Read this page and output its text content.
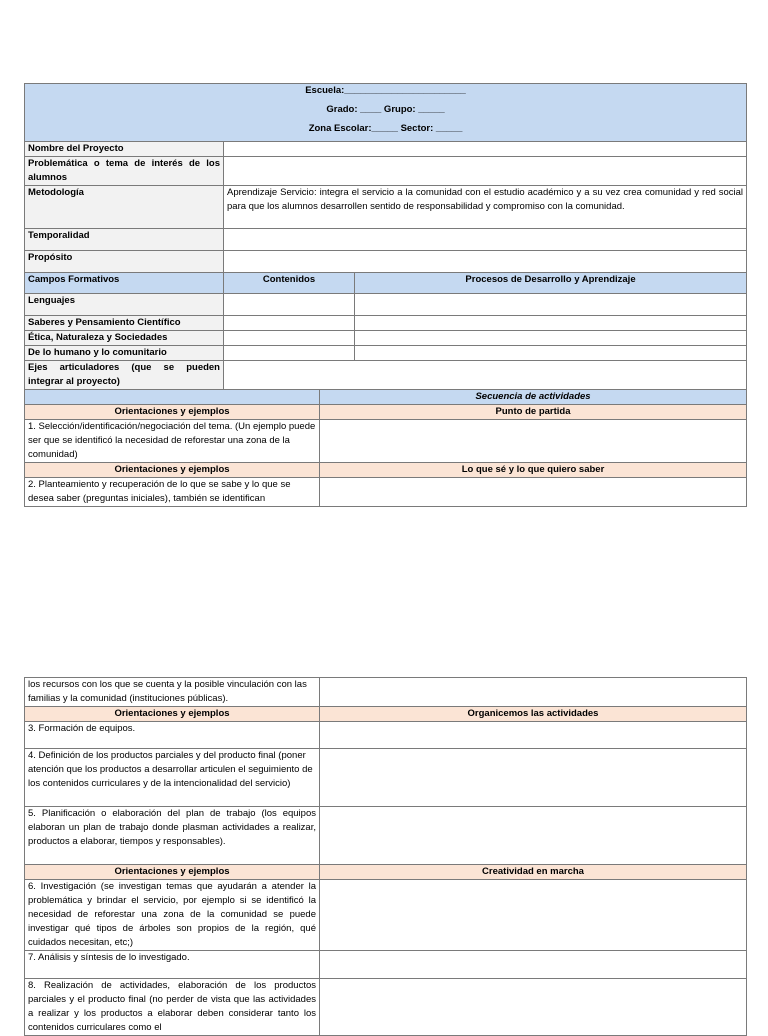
Escuela:_______________________
Grado: ____ Grupo: _____
Zona Escolar:_____ Sector: _____			

Nombre del Proyecto			
Problemática o tema de interés de los alumnos			
Metodología	Aprendizaje Servicio: integra el servicio a la comunidad con el estudio académico y a su vez crea comunidad y red social para que los alumnos desarrollen sentido de responsabilidad y compromiso con la comunidad.		
Temporalidad			
Propósito			
Campos Formativos	Contenidos		Procesos de Desarrollo y Aprendizaje
Lenguajes			
Saberes y Pensamiento Científico			
Ética, Naturaleza y Sociedades			
De lo humano y lo comunitario			
Ejes articuladores (que se pueden integrar al proyecto)			
		Secuencia de actividades	
Orientaciones y ejemplos		Punto de partida	
1. Selección/identificación/negociación del tema. (Un ejemplo puede ser que se identificó la necesidad de reforestar una zona de la comunidad)			
Orientaciones y ejemplos		Lo que sé y lo que quiero saber	
2. Planteamiento y recuperación de lo que se sabe y lo que se desea saber (preguntas iniciales), también se identifican			
los recursos con los que se cuenta y la posible vinculación con las familias y la comunidad (instituciones públicas).	
Orientaciones y ejemplos	Organicemos las actividades
3. Formación de equipos.	
4. Definición de los productos parciales y del producto final (poner atención que los productos a desarrollar articulen el seguimiento de los contenidos curriculares y de la intencionalidad del servicio)	
5. Planificación o elaboración del plan de trabajo (los equipos elaboran un plan de trabajo donde plasman actividades a realizar, productos a elaborar, tiempos y responsables).	
Orientaciones y ejemplos	Creatividad en marcha
6. Investigación (se investigan temas que ayudarán a atender la problemática y brindar el servicio, por ejemplo si se identificó la necesidad de reforestar una zona de la comunidad se puede investigar qué tipos de árboles son propios de la región, qué cuidados necesitan, etc;)	
7. Análisis y síntesis de lo investigado.	
8. Realización de actividades, elaboración de los productos parciales y el producto final (no perder de vista que las actividades a realizar y los productos a elaborar deben considerar tanto los contenidos curriculares como el	
